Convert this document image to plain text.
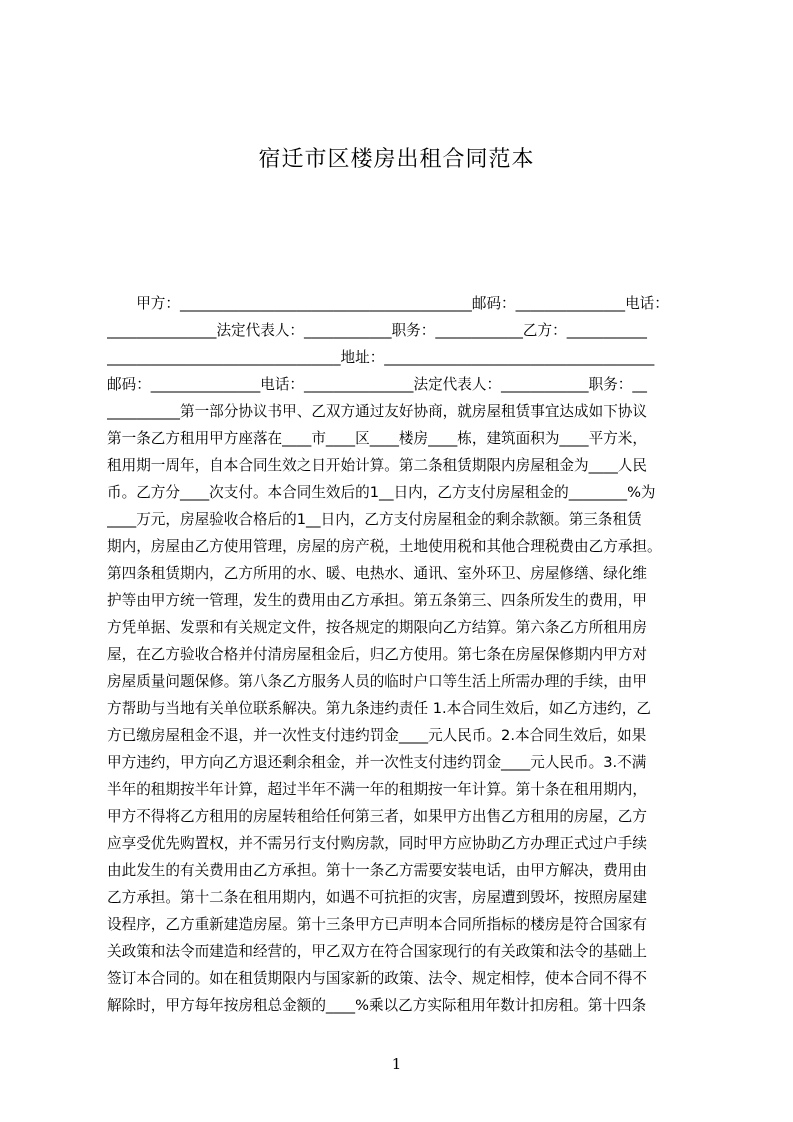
宿迁市区楼房出租合同范本
　　甲方：________________________________________邮码：_______________电话：
_______________法定代表人：____________职务：____________乙方：___________
________________________________地址：_____________________________________
邮码：_______________电话：_______________法定代表人：____________职务：__
__________第一部分协议书甲、乙双方通过友好协商，就房屋租赁事宜达成如下协议
第一条乙方租用甲方座落在____市____区____楼房____栋，建筑面积为____平方米，
租用期一周年，自本合同生效之日开始计算。第二条租赁期限内房屋租金为____人民
币。乙方分____次支付。本合同生效后的1__日内，乙方支付房屋租金的________%为
____万元，房屋验收合格后的1__日内，乙方支付房屋租金的剩余款额。第三条租赁
期内，房屋由乙方使用管理，房屋的房产税，土地使用税和其他合理税费由乙方承担。
第四条租赁期内，乙方所用的水、暖、电热水、通讯、室外环卫、房屋修缮、绿化维
护等由甲方统一管理，发生的费用由乙方承担。第五条第三、四条所发生的费用，甲
方凭单据、发票和有关规定文件，按各规定的期限向乙方结算。第六条乙方所租用房
屋，在乙方验收合格并付清房屋租金后，归乙方使用。第七条在房屋保修期内甲方对
房屋质量问题保修。第八条乙方服务人员的临时户口等生活上所需办理的手续，由甲
方帮助与当地有关单位联系解决。第九条违约责任 1.本合同生效后，如乙方违约，乙
方已缴房屋租金不退，并一次性支付违约罚金____元人民币。2.本合同生效后，如果
甲方违约，甲方向乙方退还剩余租金，并一次性支付违约罚金____元人民币。3.不满
半年的租期按半年计算，超过半年不满一年的租期按一年计算。第十条在租用期内，
甲方不得将乙方租用的房屋转租给任何第三者，如果甲方出售乙方租用的房屋，乙方
应享受优先购置权，并不需另行支付购房款，同时甲方应协助乙方办理正式过户手续
由此发生的有关费用由乙方承担。第十一条乙方需要安装电话，由甲方解决，费用由
乙方承担。第十二条在租用期内，如遇不可抗拒的灾害，房屋遭到毁坏，按照房屋建
设程序，乙方重新建造房屋。第十三条甲方已声明本合同所指标的楼房是符合国家有
关政策和法令而建造和经营的，甲乙双方在符合国家现行的有关政策和法令的基础上
签订本合同的。如在租赁期限内与国家新的政策、法令、规定相悖，使本合同不得不
解除时，甲方每年按房租总金额的____%乘以乙方实际租用年数计扣房租。第十四条
1
